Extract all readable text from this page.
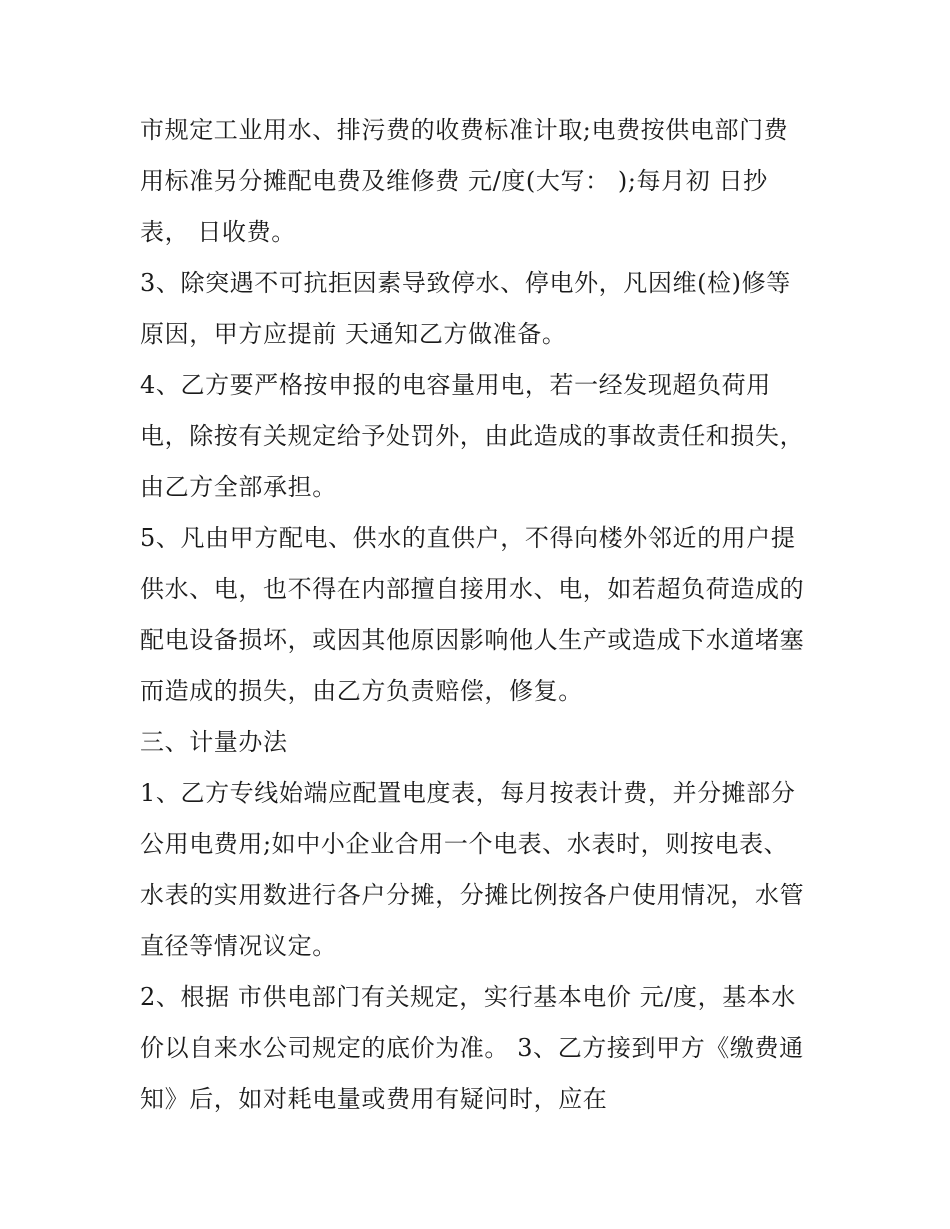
市规定工业用水、排污费的收费标准计取;电费按供电部门费
用标准另分摊配电费及维修费 元/度(大写： );每月初 日抄
表， 日收费。
3、除突遇不可抗拒因素导致停水、停电外，凡因维(检)修等
原因，甲方应提前 天通知乙方做准备。
4、乙方要严格按申报的电容量用电，若一经发现超负荷用
电，除按有关规定给予处罚外，由此造成的事故责任和损失，
由乙方全部承担。
5、凡由甲方配电、供水的直供户，不得向楼外邻近的用户提
供水、电，也不得在内部擅自接用水、电，如若超负荷造成的
配电设备损坏，或因其他原因影响他人生产或造成下水道堵塞
而造成的损失，由乙方负责赔偿，修复。
三、计量办法
1、乙方专线始端应配置电度表，每月按表计费，并分摊部分
公用电费用;如中小企业合用一个电表、水表时，则按电表、
水表的实用数进行各户分摊，分摊比例按各户使用情况，水管
直径等情况议定。
2、根据 市供电部门有关规定，实行基本电价 元/度，基本水
价以自来水公司规定的底价为准。 3、乙方接到甲方《缴费通
知》后，如对耗电量或费用有疑问时，应在
